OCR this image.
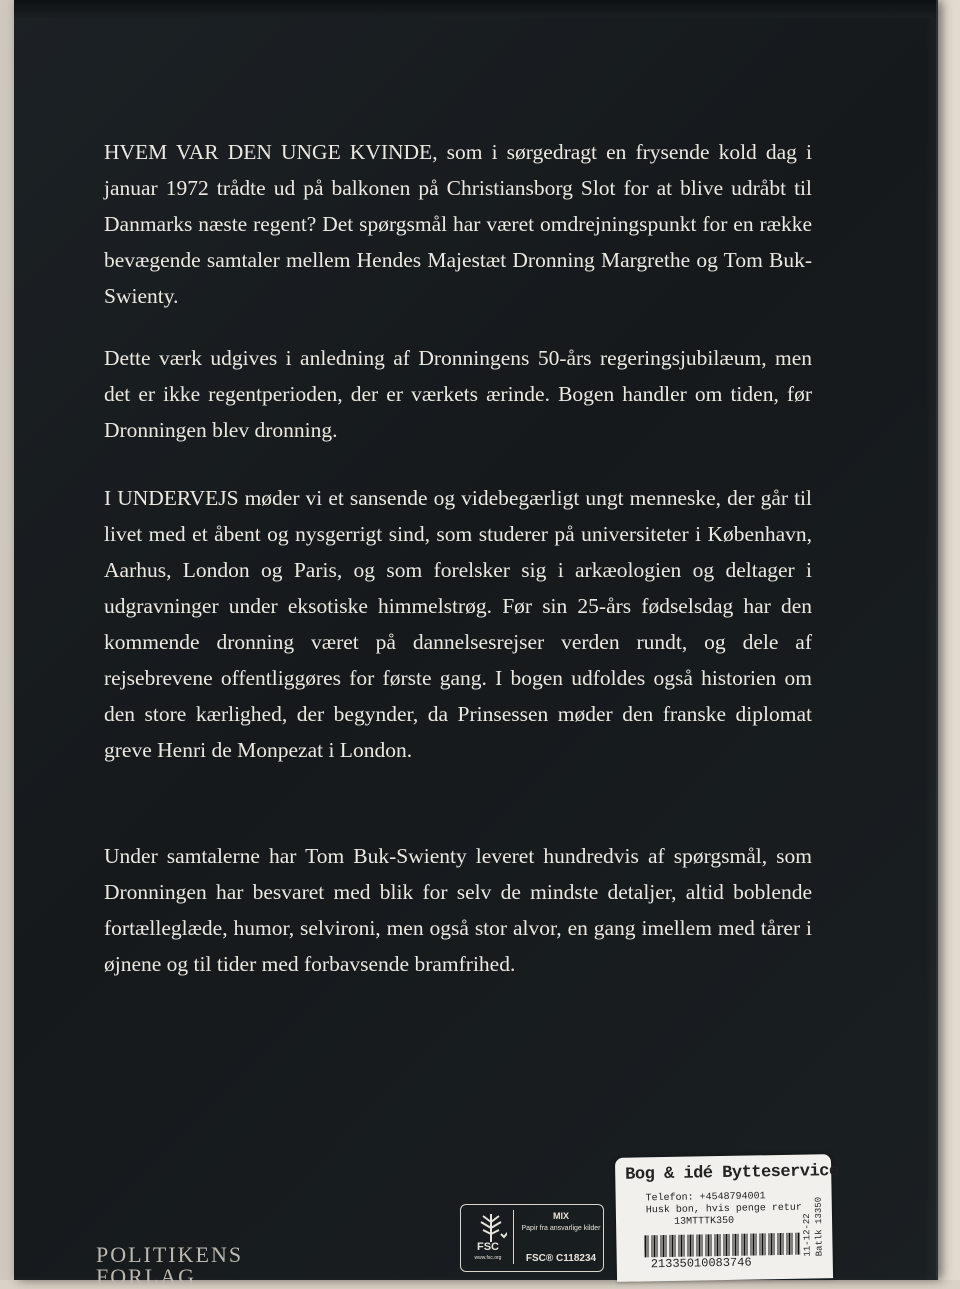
HVEM VAR DEN UNGE KVINDE, som i sørgedragt en frysende kold dag i januar 1972 trådte ud på balkonen på Christiansborg Slot for at blive udråbt til Danmarks næste regent? Det spørgsmål har været omdrejningspunkt for en række bevægende samtaler mellem Hendes Majestæt Dronning Margrethe og Tom Buk-Swienty.

Dette værk udgives i anledning af Dronningens 50-års regeringsjubilæum, men det er ikke regentperioden, der er værkets ærinde. Bogen handler om tiden, før Dronningen blev dronning.

I UNDERVEJS møder vi et sansende og videbegærligt ungt menneske, der går til livet med et åbent og nysgerrigt sind, som studerer på universiteter i København, Aarhus, London og Paris, og som forelsker sig i arkæologien og deltager i udgravninger under eksotiske himmelstrøg. Før sin 25-års fødselsdag har den kommende dronning været på dannelsesrejser verden rundt, og dele af rejsebrevene offentliggøres for første gang. I bogen udfoldes også historien om den store kærlighed, der begynder, da Prinsessen møder den franske diplomat greve Henri de Monpezat i London.

Under samtalerne har Tom Buk-Swienty leveret hundredvis af spørgsmål, som Dronningen har besvaret med blik for selv de mindste detaljer, altid boblende fortælleglæde, humor, selvironi, men også stor alvor, en gang imellem med tårer i øjnene og til tider med forbavsende bramfrihed.

POLITIKENS
FORLAG
FSC
www.fsc.org
MIX
Papir fra ansvarlige kilder
FSC® C118234
Bog & idé Bytteservice
Telefon: +4548794001
Husk bon, hvis penge retur
13MTTTK350	11-12-22 Batlk 13350
21335010083746
